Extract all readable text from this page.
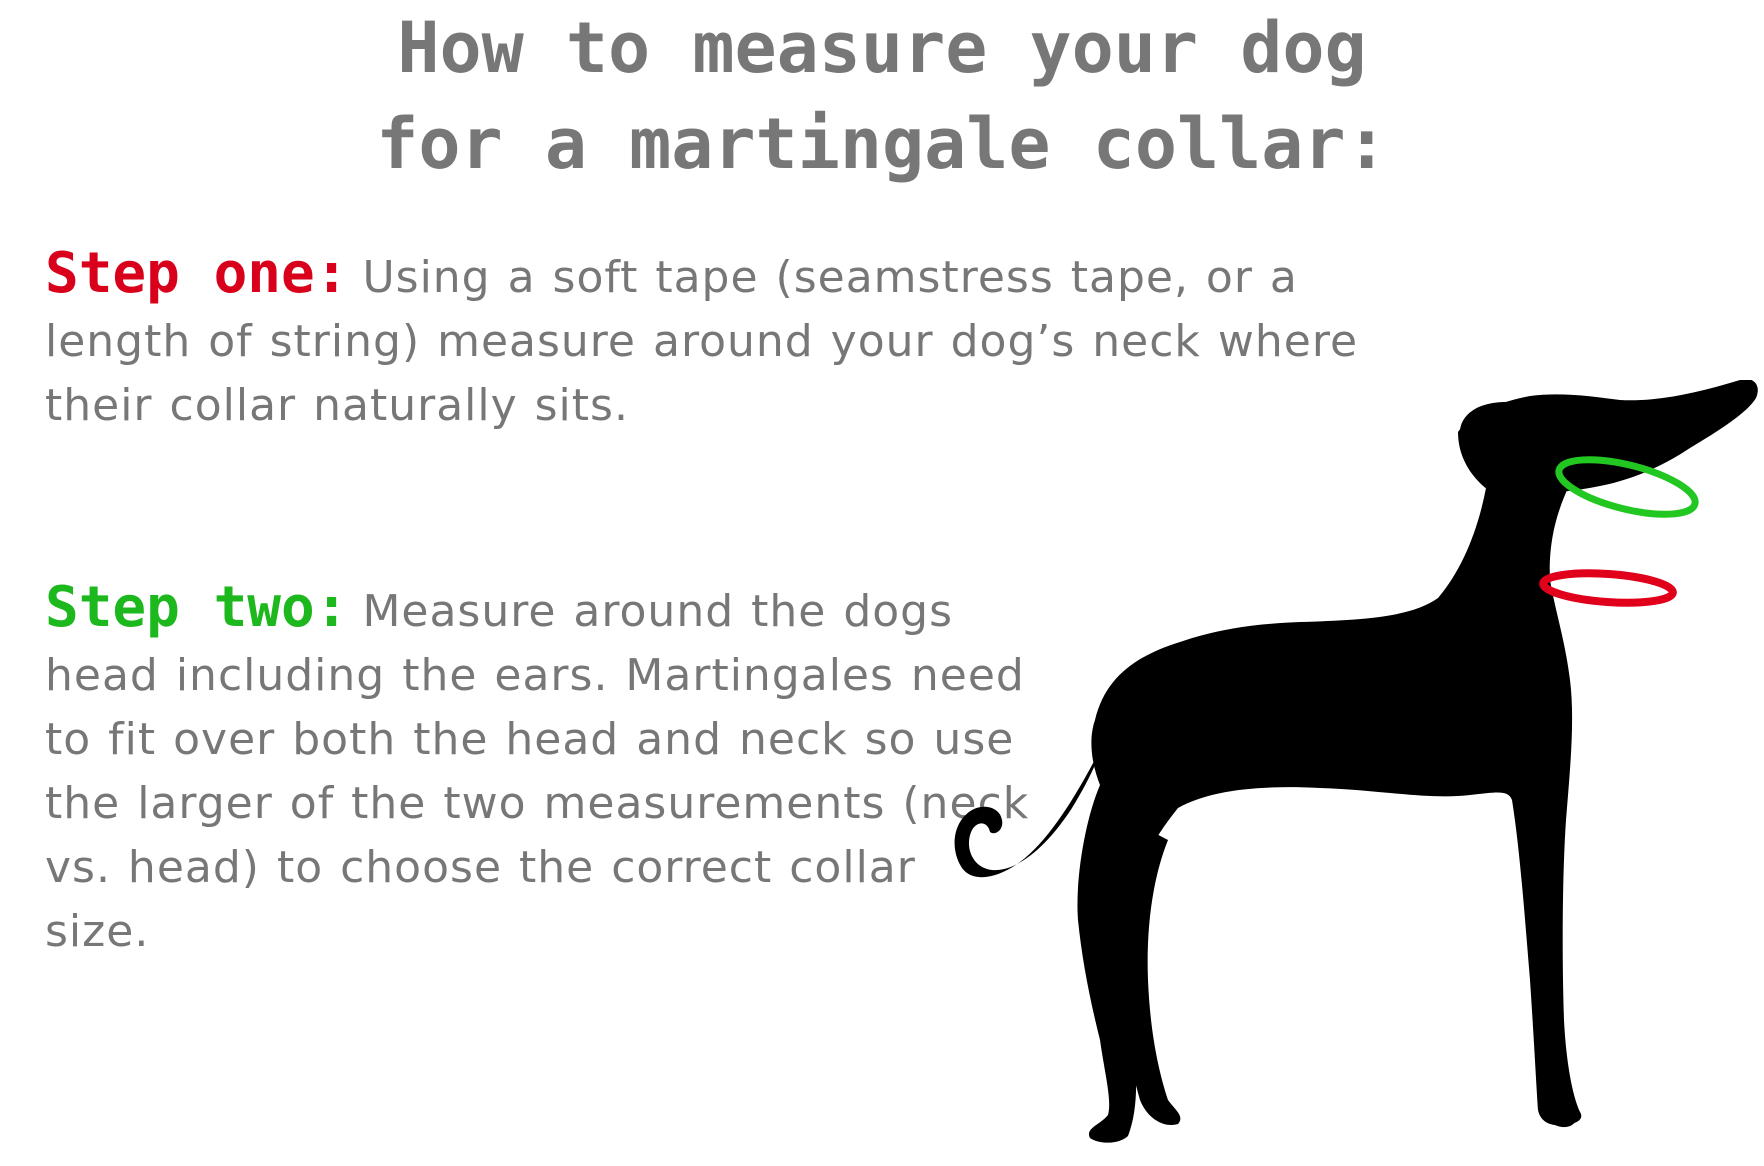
How to measure your dog
for a martingale collar:

Step one: Using a soft tape (seamstress tape, or a length of string) measure around your dog’s neck where their collar naturally sits.

Step two: Measure around the dogs head including the ears. Martingales need to fit over both the head and neck so use the larger of the two measurements (neck vs. head) to choose the correct collar size.
